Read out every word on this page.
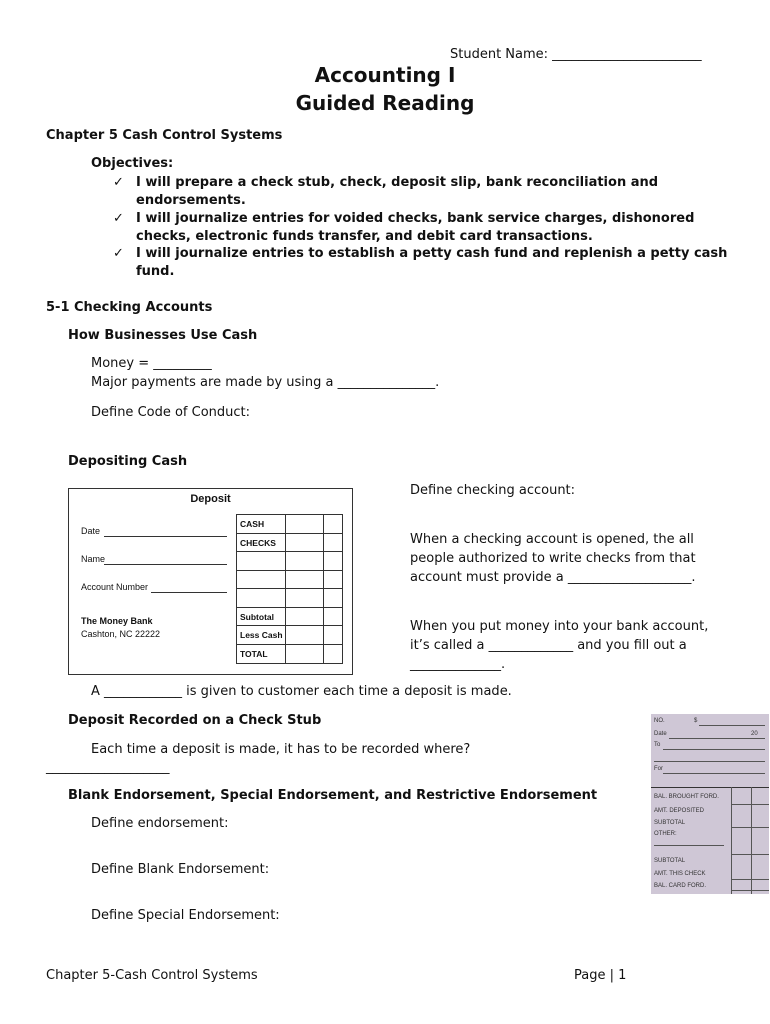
Student Name: _______________________
Accounting I
Guided Reading
Chapter 5 Cash Control Systems
Objectives:
✓ I will prepare a check stub, check, deposit slip, bank reconciliation and endorsements.
✓ I will journalize entries for voided checks, bank service charges, dishonored checks, electronic funds transfer, and debit card transactions.
✓ I will journalize entries to establish a petty cash fund and replenish a petty cash fund.
5-1 Checking Accounts
How Businesses Use Cash
Money = _________
Major payments are made by using a _______________.
Define Code of Conduct:
Depositing Cash
Define checking account:
When a checking account is opened, the all people authorized to write checks from that account must provide a ___________________.
When you put money into your bank account, it’s called a _____________ and you fill out a ______________.
Deposit
Date
Name
Account Number
The Money Bank
Cashton, NC 22222
CASH
CHECKS
Subtotal
Less Cash
TOTAL
A ____________ is given to customer each time a deposit is made.
Deposit Recorded on a Check Stub
Each time a deposit is made, it has to be recorded where?
___________________
NO.	$
Date	20
To
For
BAL. BROUGHT FORD.
AMT. DEPOSITED
SUBTOTAL
OTHER:
SUBTOTAL
AMT. THIS CHECK
BAL. CARD FORD.
Blank Endorsement, Special Endorsement, and Restrictive Endorsement
Define endorsement:
Define Blank Endorsement:
Define Special Endorsement:
Chapter 5-Cash Control Systems	Page | 1
